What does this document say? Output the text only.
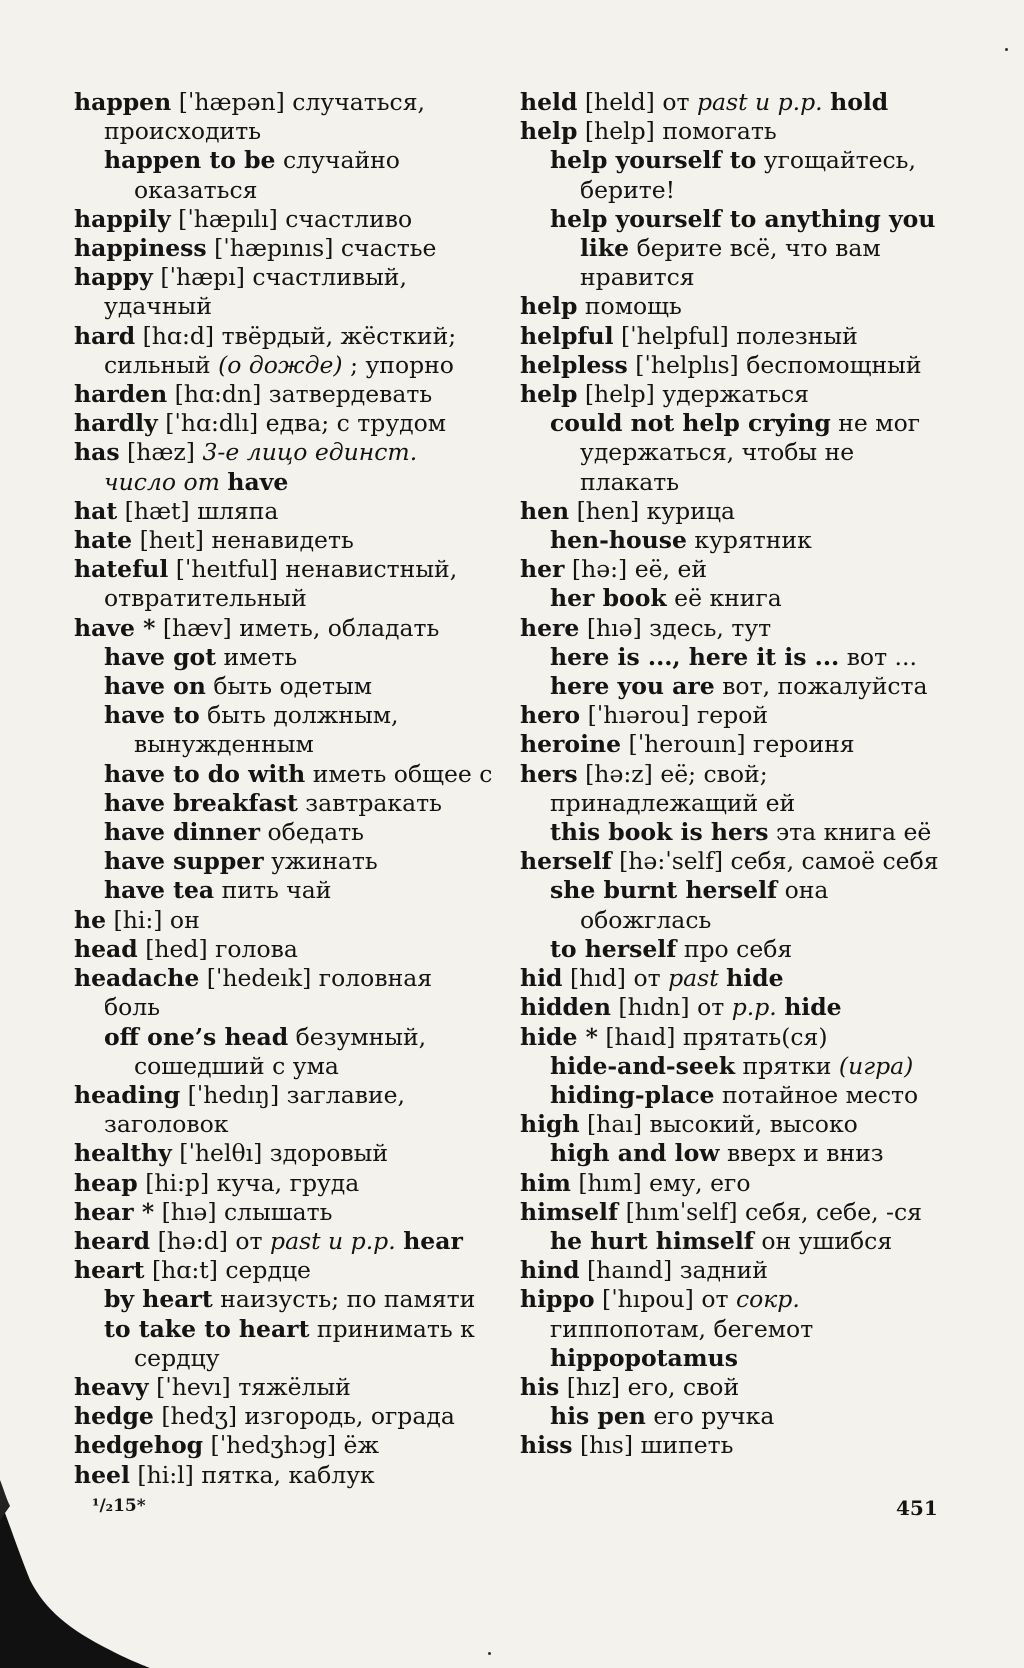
happen [ˈhæpən] случаться, происходить
happen to be случайно оказаться
happily [ˈhæpılı] счастливо
happiness [ˈhæpınıs] счастье
happy [ˈhæpı] счастливый, удачный
hard [hɑ:d] твёрдый, жёсткий; сильный (о дожде) ; упорно
harden [hɑ:dn] затвердевать
hardly [ˈhɑ:dlı] едва; с трудом
has [hæz] 3-е лицо единст. число от have
hat [hæt] шляпа
hate [heıt] ненавидеть
hateful [ˈheıtful] ненавистный, отвратительный
have * [hæv] иметь, обладать
have got иметь
have on быть одетым
have to быть должным, вынужденным
have to do with иметь общее с
have breakfast завтракать
have dinner обедать
have supper ужинать
have tea пить чай
he [hi:] он
head [hed] голова
headache [ˈhedeık] головная боль
off one’s head безумный, сошедший с ума
heading [ˈhedıŋ] заглавие, заголовок
healthy [ˈhelθı] здоровый
heap [hi:p] куча, груда
hear * [hıə] слышать
heard [hə:d] от past и p.p. hear
heart [hɑ:t] сердце
by heart наизусть; по памяти
to take to heart принимать к сердцу
heavy [ˈhevı] тяжёлый
hedge [hedʒ] изгородь, ограда
hedgehog [ˈhedʒhɔg] ёж
heel [hi:l] пятка, каблук
held [held] от past и p.p. hold
help [help] помогать
help yourself to угощайтесь, берите!
help yourself to anything you like берите всё, что вам нравится
help помощь
helpful [ˈhelpful] полезный
helpless [ˈhelplıs] беспомощный
help [help] удержаться
could not help crying не мог удержаться, чтобы не плакать
hen [hen] курица
hen-house курятник
her [hə:] её, ей
her book её книга
here [hıə] здесь, тут
here is ..., here it is ... вот ...
here you are вот, пожалуйста
hero [ˈhıərou] герой
heroine [ˈherouın] героиня
hers [hə:z] её; свой; принадлежащий ей
this book is hers эта книга её
herself [hə:ˈself] себя, самоё себя
she burnt herself она обожглась
to herself про себя
hid [hıd] от past hide
hidden [hıdn] от p.p. hide
hide * [haıd] прятать(ся)
hide-and-seek прятки (игра)
hiding-place потайное место
high [haı] высокий, высоко
high and low вверх и вниз
him [hım] ему, его
himself [hımˈself] себя, себе, -ся
he hurt himself он ушибся
hind [haınd] задний
hippo [ˈhıpou] от сокр. гиппопотам, бегемот hippopotamus
his [hız] его, свой
his pen его ручка
hiss [hıs] шипеть
¹/₂15*	451
